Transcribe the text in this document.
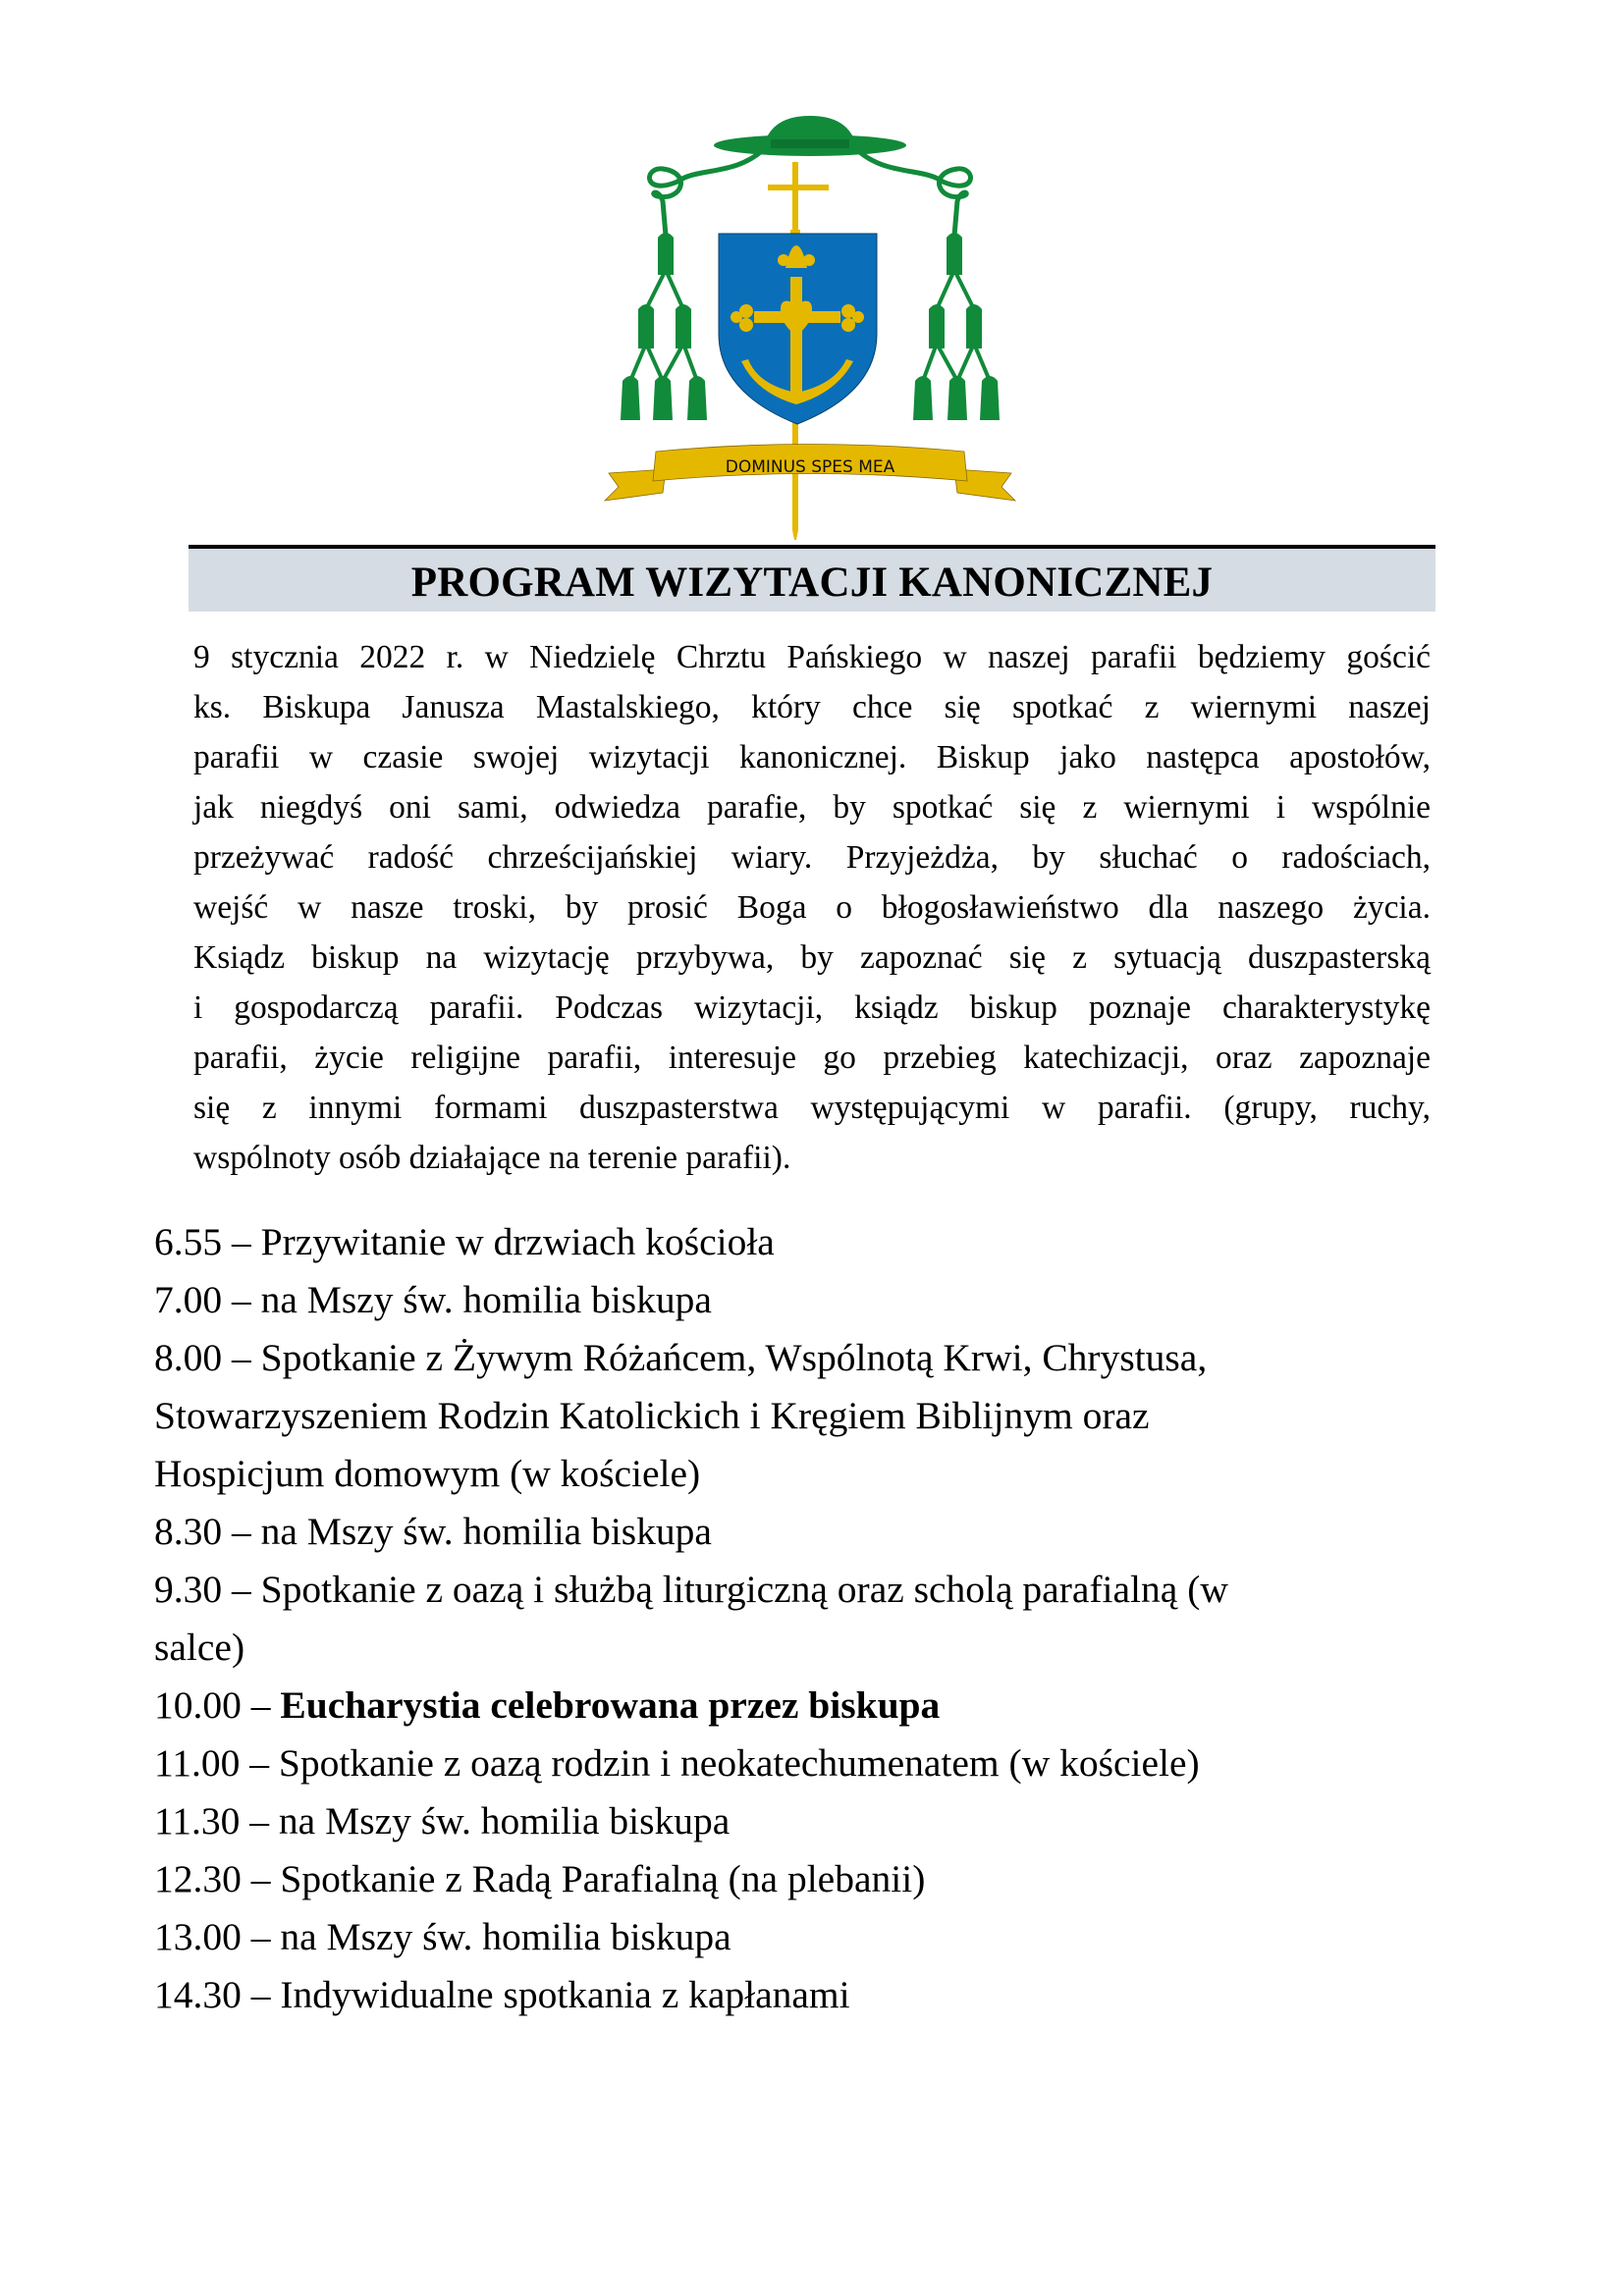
DOMINUS SPES MEA
PROGRAM WIZYTACJI KANONICZNEJ

9 stycznia 2022 r. w Niedzielę Chrztu Pańskiego w naszej parafii będziemy gościć
ks. Biskupa Janusza Mastalskiego, który chce się spotkać z wiernymi naszej
parafii w czasie swojej wizytacji kanonicznej. Biskup jako następca apostołów,
jak niegdyś oni sami, odwiedza parafie, by spotkać się z wiernymi i wspólnie
przeżywać radość chrześcijańskiej wiary. Przyjeżdża, by słuchać o radościach,
wejść w nasze troski, by prosić Boga o błogosławieństwo dla naszego życia.
Ksiądz biskup na wizytację przybywa, by zapoznać się z sytuacją duszpasterską
i gospodarczą parafii. Podczas wizytacji, ksiądz biskup poznaje charakterystykę
parafii, życie religijne parafii, interesuje go przebieg katechizacji, oraz zapoznaje
się z innymi formami duszpasterstwa występującymi w parafii. (grupy, ruchy,
wspólnoty osób działające na terenie parafii).

6.55 – Przywitanie w drzwiach kościoła
7.00 – na Mszy św. homilia biskupa
8.00 – Spotkanie z Żywym Różańcem, Wspólnotą Krwi, Chrystusa,
Stowarzyszeniem Rodzin Katolickich i Kręgiem Biblijnym oraz
Hospicjum domowym (w kościele)
8.30 – na Mszy św. homilia biskupa
9.30 – Spotkanie z oazą i służbą liturgiczną oraz scholą parafialną (w
salce)
10.00 – Eucharystia celebrowana przez biskupa
11.00 – Spotkanie z oazą rodzin i neokatechumenatem (w kościele)
11.30 – na Mszy św. homilia biskupa
12.30 – Spotkanie z Radą Parafialną (na plebanii)
13.00 – na Mszy św. homilia biskupa
14.30 – Indywidualne spotkania z kapłanami
